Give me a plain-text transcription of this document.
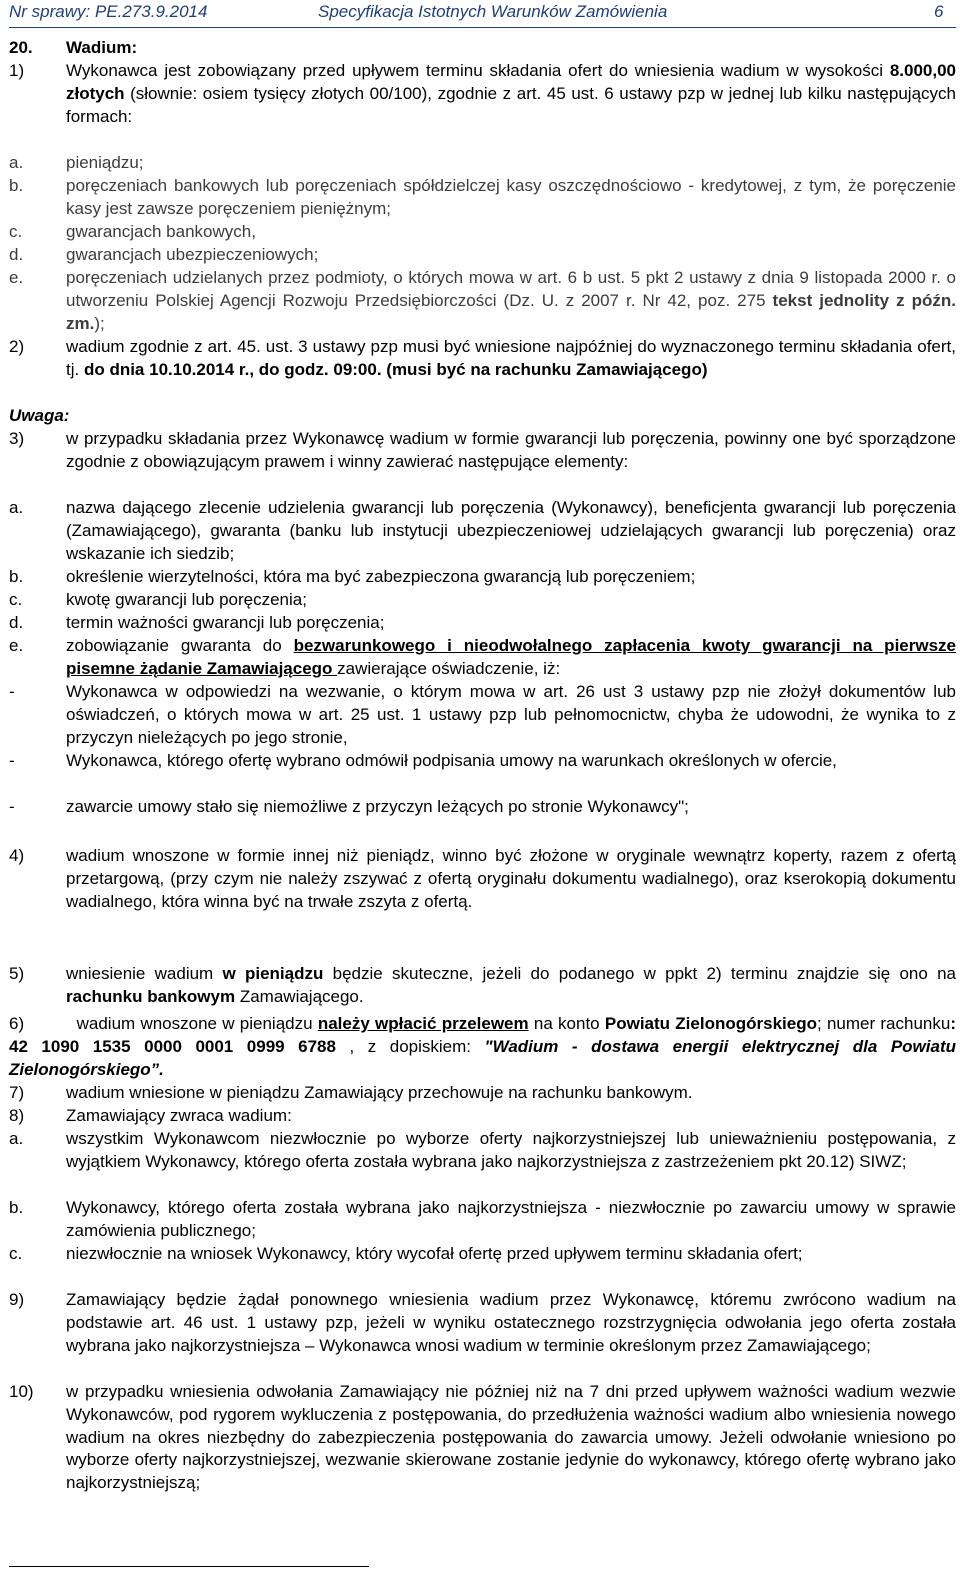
Nr sprawy: PE.273.9.2014	Specyfikacja Istotnych Warunków Zamówienia	6
20. Wadium:
1) Wykonawca jest zobowiązany przed upływem terminu składania ofert do wniesienia wadium w wysokości 8.000,00 złotych (słownie: osiem tysięcy złotych 00/100), zgodnie z art. 45 ust. 6 ustawy pzp w jednej lub kilku następujących formach:
a.	pieniądzu;
b.	poręczeniach bankowych lub poręczeniach spółdzielczej kasy oszczędnościowo - kredytowej, z tym, że poręczenie kasy jest zawsze poręczeniem pieniężnym;
c.	gwarancjach bankowych,
d.	gwarancjach ubezpieczeniowych;
e.	poręczeniach udzielanych przez podmioty, o których mowa w art. 6 b ust. 5 pkt 2 ustawy z dnia 9 listopada 2000 r. o utworzeniu Polskiej Agencji Rozwoju Przedsiębiorczości (Dz. U. z 2007 r. Nr 42, poz. 275 tekst jednolity z późn. zm.);
2) wadium zgodnie z art. 45. ust. 3 ustawy pzp musi być wniesione najpóźniej do wyznaczonego terminu składania ofert, tj. do dnia 10.10.2014 r., do godz. 09:00. (musi być na rachunku Zamawiającego)
Uwaga:
3) w przypadku składania przez Wykonawcę wadium w formie gwarancji lub poręczenia, powinny one być sporządzone zgodnie z obowiązującym prawem i winny zawierać następujące elementy:
a.	nazwa dającego zlecenie udzielenia gwarancji lub poręczenia (Wykonawcy), beneficjenta gwarancji lub poręczenia (Zamawiającego), gwaranta (banku lub instytucji ubezpieczeniowej udzielających gwarancji lub poręczenia) oraz wskazanie ich siedzib;
b.	określenie wierzytelności, która ma być zabezpieczona gwarancją lub poręczeniem;
c.	kwotę gwarancji lub poręczenia;
d.	termin ważności gwarancji lub poręczenia;
e.	zobowiązanie gwaranta do bezwarunkowego i nieodwołalnego zapłacenia kwoty gwarancji na pierwsze pisemne żądanie Zamawiającego zawierające oświadczenie, iż:
-	Wykonawca w odpowiedzi na wezwanie, o którym mowa w art. 26 ust 3 ustawy pzp nie złożył dokumentów lub oświadczeń, o których mowa w art. 25 ust. 1 ustawy pzp lub pełnomocnictw, chyba że udowodni, że wynika to z przyczyn nieleżących po jego stronie,
-	Wykonawca, którego ofertę wybrano odmówił podpisania umowy na warunkach określonych w ofercie,
-	zawarcie umowy stało się niemożliwe z przyczyn leżących po stronie Wykonawcy";
4) wadium wnoszone w formie innej niż pieniądz, winno być złożone w oryginale wewnątrz koperty, razem z ofertą przetargową, (przy czym nie należy zszywać z ofertą oryginału dokumentu wadialnego), oraz kserokopią dokumentu wadialnego, która winna być na trwałe zszyta z ofertą.
5) wniesienie wadium w pieniądzu będzie skuteczne, jeżeli do podanego w ppkt 2) terminu znajdzie się ono na rachunku bankowym Zamawiającego.
6)	wadium wnoszone w pieniądzu należy wpłacić przelewem na konto Powiatu Zielonogórskiego; numer rachunku: 42 1090 1535 0000 0001 0999 6788 , z dopiskiem: "Wadium - dostawa energii elektrycznej dla Powiatu Zielonogórskiego”.
7) wadium wniesione w pieniądzu Zamawiający przechowuje na rachunku bankowym.
8) Zamawiający zwraca wadium:
a.	wszystkim Wykonawcom niezwłocznie po wyborze oferty najkorzystniejszej lub unieważnieniu postępowania, z wyjątkiem Wykonawcy, którego oferta została wybrana jako najkorzystniejsza z zastrzeżeniem pkt 20.12) SIWZ;
b.	Wykonawcy, którego oferta została wybrana jako najkorzystniejsza - niezwłocznie po zawarciu umowy w sprawie zamówienia publicznego;
c.	niezwłocznie na wniosek Wykonawcy, który wycofał ofertę przed upływem terminu składania ofert;
9) Zamawiający będzie żądał ponownego wniesienia wadium przez Wykonawcę, któremu zwrócono wadium na podstawie art. 46 ust. 1 ustawy pzp, jeżeli w wyniku ostatecznego rozstrzygnięcia odwołania jego oferta została wybrana jako najkorzystniejsza – Wykonawca wnosi wadium w terminie określonym przez Zamawiającego;
10) w przypadku wniesienia odwołania Zamawiający nie później niż na 7 dni przed upływem ważności wadium wezwie Wykonawców, pod rygorem wykluczenia z postępowania, do przedłużenia ważności wadium albo wniesienia nowego wadium na okres niezbędny do zabezpieczenia postępowania do zawarcia umowy. Jeżeli odwołanie wniesiono po wyborze oferty najkorzystniejszej, wezwanie skierowane zostanie jedynie do wykonawcy, którego ofertę wybrano jako najkorzystniejszą;
